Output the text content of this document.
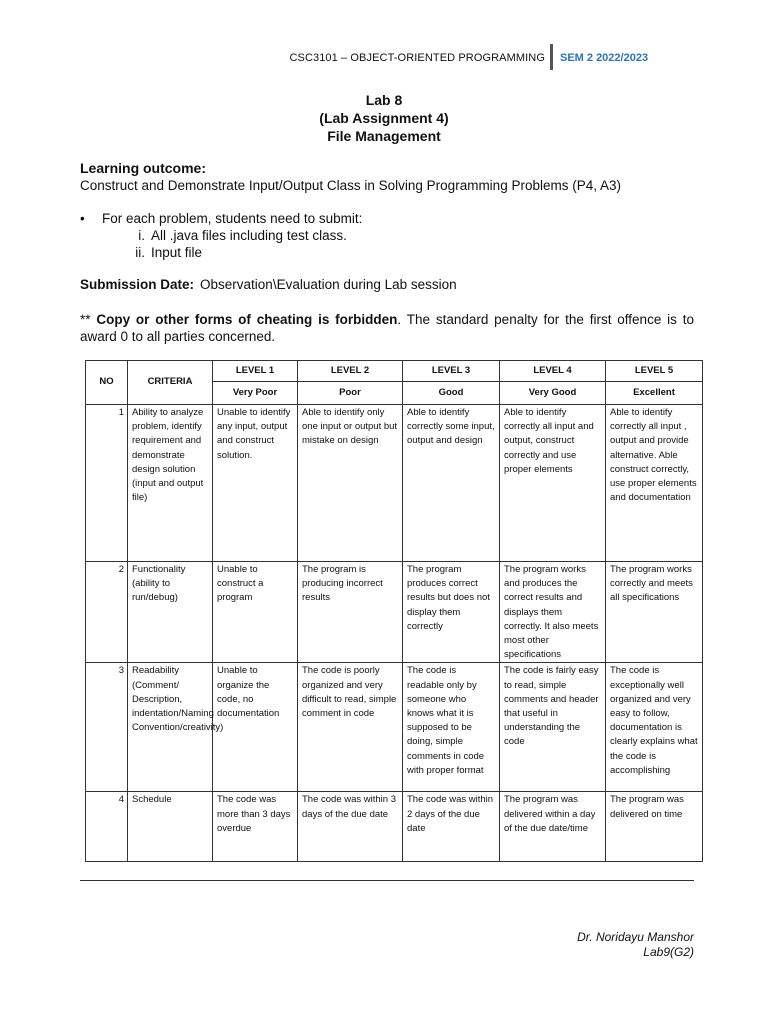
CSC3101 – OBJECT-ORIENTED PROGRAMMING SEM 2 2022/2023
Lab 8
(Lab Assignment 4)
File Management
Learning outcome:
Construct and Demonstrate Input/Output Class in Solving Programming Problems (P4, A3)
• For each problem, students need to submit:
i. All .java files including test class.
ii. Input file
Submission Date: Observation\Evaluation during Lab session
** Copy or other forms of cheating is forbidden. The standard penalty for the first offence is to award 0 to all parties concerned.
NO	CRITERIA	LEVEL 1	LEVEL 2	LEVEL 3	LEVEL 4	LEVEL 5
		Very Poor	Poor	Good	Very Good	Excellent
1	Ability to analyze problem, identify requirement and demonstrate design solution (input and output file)	Unable to identify any input, output and construct solution.	Able to identify only one input or output but mistake on design	Able to identify correctly some input, output and design	Able to identify correctly all input and output, construct correctly and use proper elements	Able to identify correctly all input , output and provide alternative. Able construct correctly, use proper elements and documentation
2	Functionality (ability to run/debug)	Unable to construct a program	The program is producing incorrect results	The program produces correct results but does not display them correctly	The program works and produces the correct results and displays them correctly. It also meets most other specifications	The program works correctly and meets all specifications
3	Readability (Comment/ Description, indentation/Naming Convention/creativity)	Unable to organize the code, no documentation	The code is poorly organized and very difficult to read, simple comment in code	The code is readable only by someone who knows what it is supposed to be doing, simple comments in code with proper format	The code is fairly easy to read, simple comments and header that useful in understanding the code	The code is exceptionally well organized and very easy to follow, documentation is clearly explains what the code is accomplishing
4	Schedule	The code was more than 3 days overdue	The code was within 3 days of the due date	The code was within 2 days of the due date	The program was delivered within a day of the due date/time	The program was delivered on time
Dr. Noridayu Manshor
Lab9(G2)
